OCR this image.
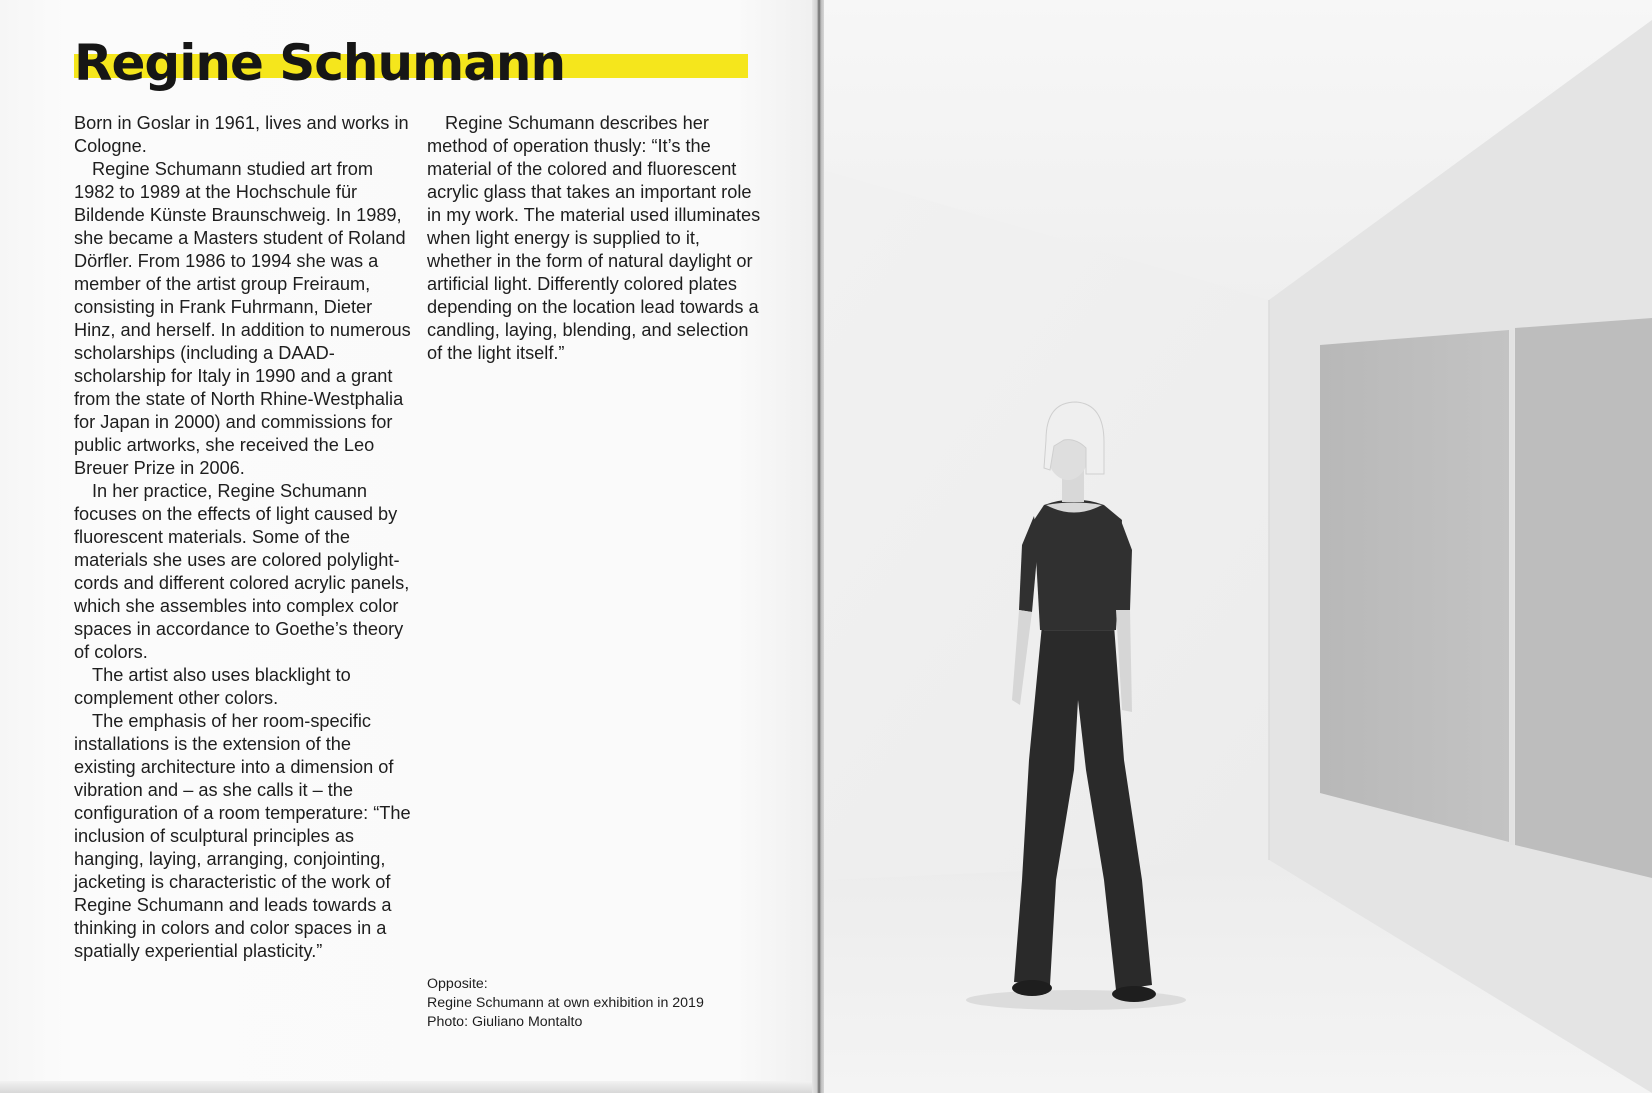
Regine Schumann

Born in Goslar in 1961, lives and works in Cologne.

Regine Schumann studied art from 1982 to 1989 at the Hochschule für Bildende Künste Braunschweig. In 1989, she became a Masters student of Roland Dörfler. From 1986 to 1994 she was a member of the artist group Freiraum, consisting in Frank Fuhrmann, Dieter Hinz, and herself. In addition to numerous scholarships (including a DAAD-scholarship for Italy in 1990 and a grant from the state of North Rhine-Westphalia for Japan in 2000) and commissions for public artworks, she received the Leo Breuer Prize in 2006.

In her practice, Regine Schumann focuses on the effects of light caused by fluorescent materials. Some of the materials she uses are colored polylight-cords and different colored acrylic panels, which she assembles into complex color spaces in accordance to Goethe’s theory of colors.

The artist also uses blacklight to complement other colors.

The emphasis of her room-specific installations is the extension of the existing architecture into a dimension of vibration and – as she calls it – the configuration of a room temperature: “The inclusion of sculptural principles as hanging, laying, arranging, conjointing, jacketing is characteristic of the work of Regine Schumann and leads towards a thinking in colors and color spaces in a spatially experiential plasticity.”

Regine Schumann describes her method of operation thusly: “It’s the material of the colored and fluorescent acrylic glass that takes an important role in my work. The material used illuminates when light energy is supplied to it, whether in the form of natural daylight or artificial light. Differently colored plates depending on the location lead towards a candling, laying, blending, and selection of the light itself.”

Opposite:
Regine Schumann at own exhibition in 2019
Photo: Giuliano Montalto
